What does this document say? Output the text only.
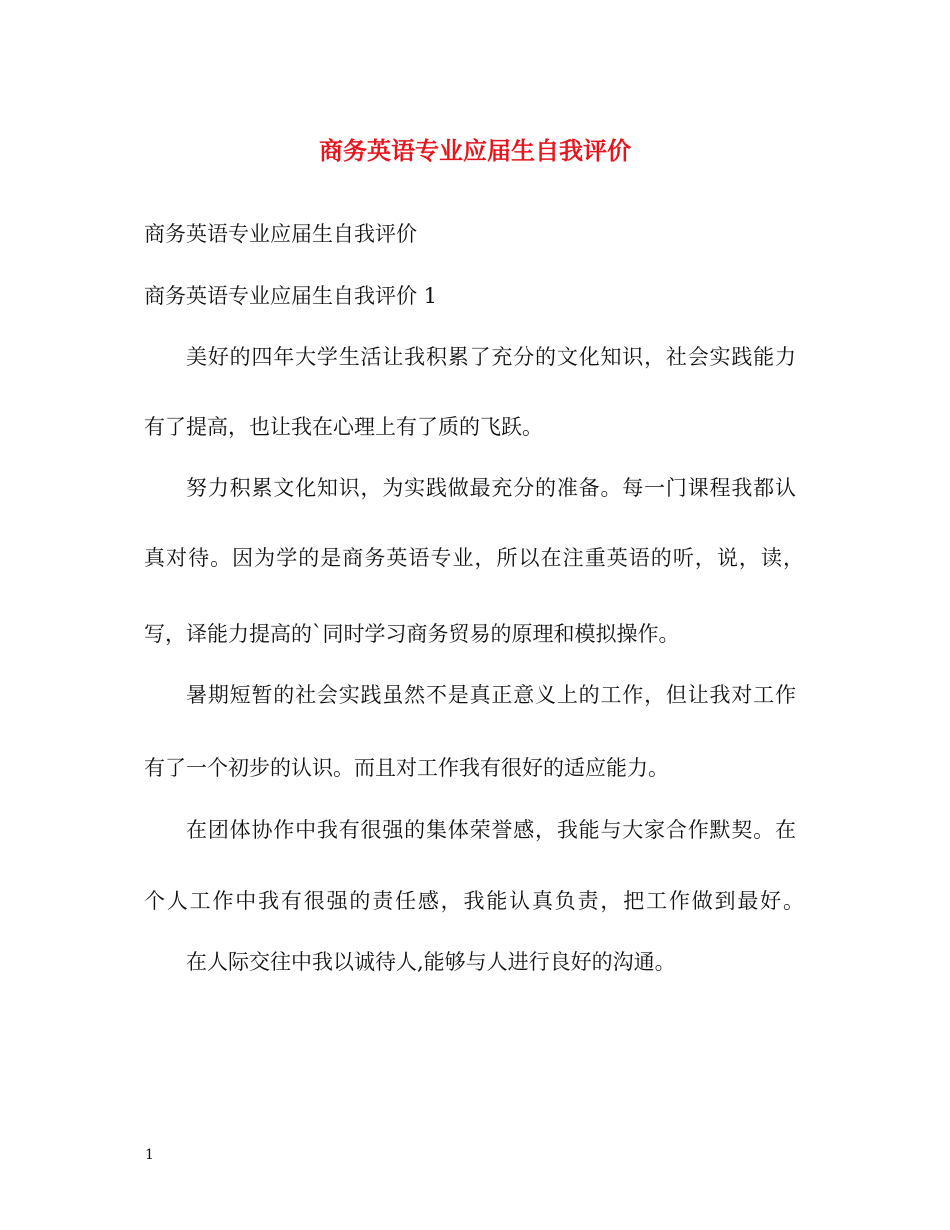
商务英语专业应届生自我评价

商务英语专业应届生自我评价

商务英语专业应届生自我评价 1

美好的四年大学生活让我积累了充分的文化知识，社会实践能力

有了提高，也让我在心理上有了质的飞跃。

努力积累文化知识，为实践做最充分的准备。每一门课程我都认

真对待。因为学的是商务英语专业，所以在注重英语的听，说，读，

写，译能力提高的`同时学习商务贸易的原理和模拟操作。

暑期短暂的社会实践虽然不是真正意义上的工作，但让我对工作

有了一个初步的认识。而且对工作我有很好的适应能力。

在团体协作中我有很强的集体荣誉感，我能与大家合作默契。在

个人工作中我有很强的责任感，我能认真负责，把工作做到最好。

在人际交往中我以诚待人,能够与人进行良好的沟通。

1
